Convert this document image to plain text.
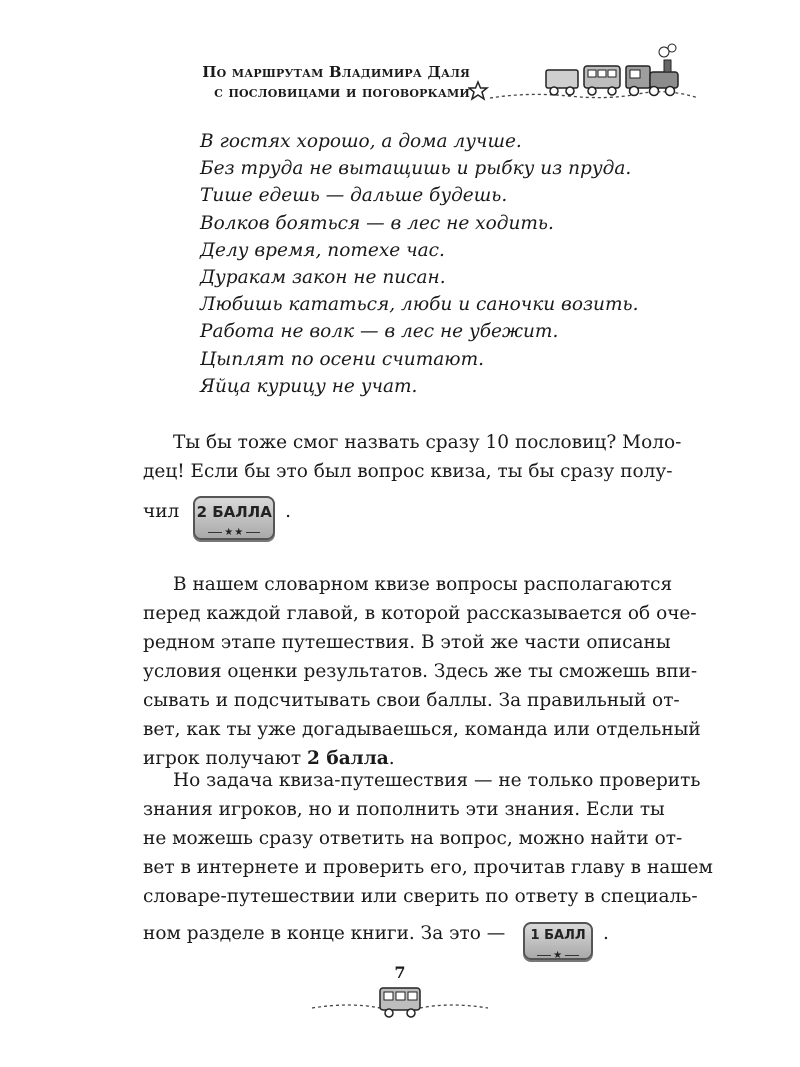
По маршрутам Владимира Даля
с пословицами и поговорками
В гостях хорошо, а дома лучше.
Без труда не вытащишь и рыбку из пруда.
Тише едешь — дальше будешь.
Волков бояться — в лес не ходить.
Делу время, потехе час.
Дуракам закон не писан.
Любишь кататься, люби и саночки возить.
Работа не волк — в лес не убежит.
Цыплят по осени считают.
Яйца курицу не учат.
Ты бы тоже смог назвать сразу 10 пословиц? Моло-
дец! Если бы это был вопрос квиза, ты бы сразу полу-
чил 2 БАЛЛА
★★
.
В нашем словарном квизе вопросы располагаются
перед каждой главой, в которой рассказывается об оче-
редном этапе путешествия. В этой же части описаны
условия оценки результатов. Здесь же ты сможешь впи-
сывать и подсчитывать свои баллы. За правильный от-
вет, как ты уже догадываешься, команда или отдельный
игрок получают 2 балла.
Но задача квиза-путешествия — не только проверить
знания игроков, но и пополнить эти знания. Если ты
не можешь сразу ответить на вопрос, можно найти от-
вет в интернете и проверить его, прочитав главу в нашем
словаре-путешествии или сверить по ответу в специаль-
ном разделе в конце книги. За это — 1 БАЛЛ
★
.
7
